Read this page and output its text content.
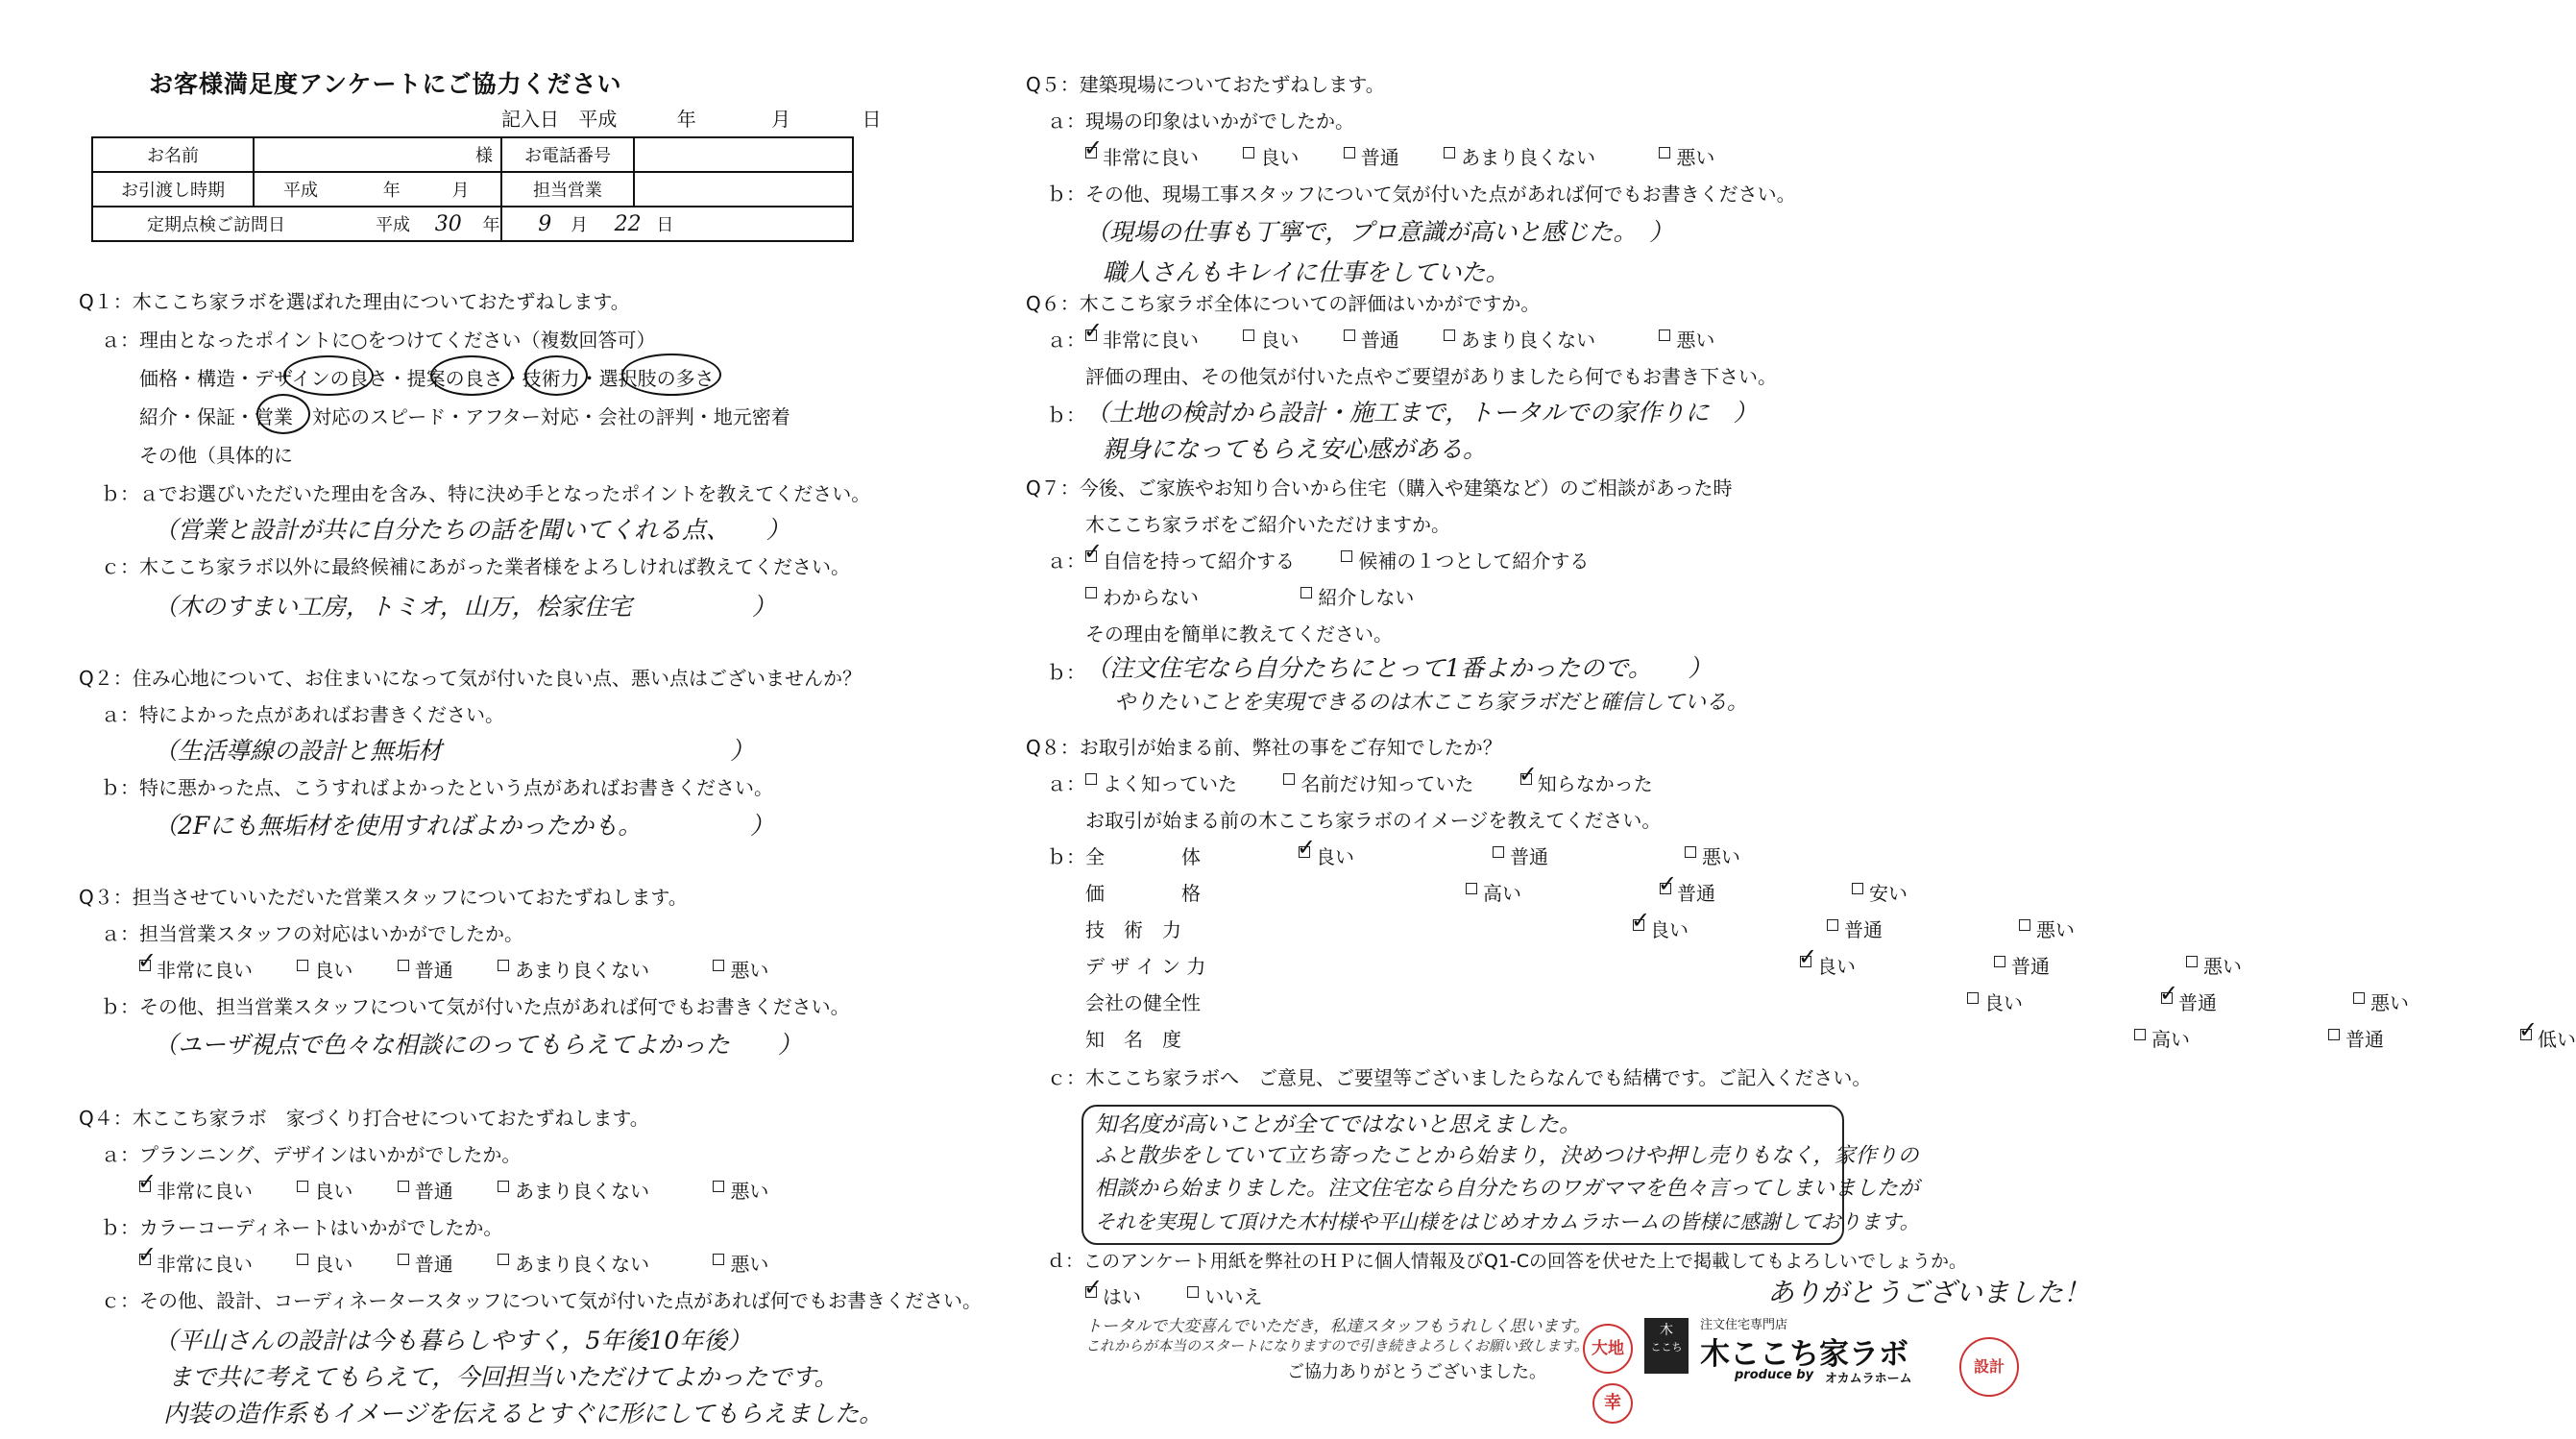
お客様満足度アンケートにご協力ください
記入日 平成	年	月	日
お名前	様	お電話番号	
お引渡し時期	平成 年 月	担当営業	
定期点検ご訪問日		平成 30 年 9 月 22 日	
Q１：木ここち家ラボを選ばれた理由についておたずねします。
ａ：理由となったポイントに○をつけてください（複数回答可）
価格・構造・デザインの良さ・提案の良さ・技術力・選択肢の多さ
紹介・保証・営業　対応のスピード・アフター対応・会社の評判・地元密着
その他（具体的に
ｂ：ａでお選びいただいた理由を含み、特に決め手となったポイントを教えてください。
（営業と設計が共に自分たちの話を聞いてくれる点、　　）
ｃ：木ここち家ラボ以外に最終候補にあがった業者様をよろしければ教えてください。
（木のすまい工房，トミオ，山万，桧家住宅　　　　　）
Q２：住み心地について、お住まいになって気が付いた良い点、悪い点はございませんか？
ａ：特によかった点があればお書きください。
（生活導線の設計と無垢材　　　　　　　　　　　　）
ｂ：特に悪かった点、こうすればよかったという点があればお書きください。
（2Fにも無垢材を使用すればよかったかも。　　　　　）
Q３：担当させていいただいた営業スタッフについておたずねします。
ａ：担当営業スタッフの対応はいかがでしたか。
非常に良い ✓	良い	普通	あまり良くない	悪い
ｂ：その他、担当営業スタッフについて気が付いた点があれば何でもお書きください。
（ユーザ視点で色々な相談にのってもらえてよかった　　）
Q４：木ここち家ラボ　家づくり打合せについておたずねします。
ａ：プランニング、デザインはいかがでしたか。
非常に良い ✓	良い	普通	あまり良くない	悪い
ｂ：カラーコーディネートはいかがでしたか。
非常に良い ✓	良い	普通	あまり良くない	悪い
ｃ：その他、設計、コーディネータースタッフについて気が付いた点があれば何でもお書きください。
（平山さんの設計は今も暮らしやすく，5年後10年後）
まで共に考えてもらえて，今回担当いただけてよかったです。
内装の造作系もイメージを伝えるとすぐに形にしてもらえました。
Q５：建築現場についておたずねします。
ａ：現場の印象はいかがでしたか。
非常に良い ✓	良い	普通	あまり良くない	悪い
ｂ：その他、現場工事スタッフについて気が付いた点があれば何でもお書きください。
（現場の仕事も丁寧で，プロ意識が高いと感じた。　）
職人さんもキレイに仕事をしていた。
Q６：木ここち家ラボ全体についての評価はいかがですか。
ａ： 非常に良い ✓	良い	普通	あまり良くない	悪い
評価の理由、その他気が付いた点やご要望がありましたら何でもお書き下さい。
ｂ： （土地の検討から設計・施工まで，トータルでの家作りに　）
親身になってもらえ安心感がある。
Q７：今後、ご家族やお知り合いから住宅（購入や建築など）のご相談があった時
木ここち家ラボをご紹介いただけますか。
ａ： 自信を持って紹介する ✓	候補の１つとして紹介する
わからない	紹介しない
その理由を簡単に教えてください。
ｂ： （注文住宅なら自分たちにとって1番よかったので。　　）
やりたいことを実現できるのは木ここち家ラボだと確信している。
Q８：お取引が始まる前、弊社の事をご存知でしたか？
ａ： よく知っていた	名前だけ知っていた	知らなかった ✓
お取引が始まる前の木ここち家ラボのイメージを教えてください。
ｂ： 全　　　　体	良い ✓	普通	悪い
価　　　　格	高い	普通 ✓	安い
技　術　力	良い ✓	普通	悪い
デ ザ イ ン 力	良い ✓	普通	悪い
会社の健全性	良い	普通 ✓	悪い
知　名　度	高い	普通	低い ✓
ｃ：木ここち家ラボへ　ご意見、ご要望等ございましたらなんでも結構です。ご記入ください。
知名度が高いことが全てではないと思えました。
ふと散歩をしていて立ち寄ったことから始まり，決めつけや押し売りもなく，家作りの
相談から始まりました。注文住宅なら自分たちのワガママを色々言ってしまいましたが
それを実現して頂けた木村様や平山様をはじめオカムラホームの皆様に感謝しております。
ｄ：このアンケート用紙を弊社のＨＰに個人情報及びQ1-Cの回答を伏せた上で掲載してもよろしいでしょうか。
はい ✓	いいえ	ありがとうございました！
トータルで大変喜んでいただき，私達スタッフもうれしく思います。
これからが本当のスタートになりますので引き続きよろしくお願い致します。
ご協力ありがとうございました。
大地
幸
設計
木
ここち
注文住宅専門店
木ここち家ラボ
produce by オカムラホーム
